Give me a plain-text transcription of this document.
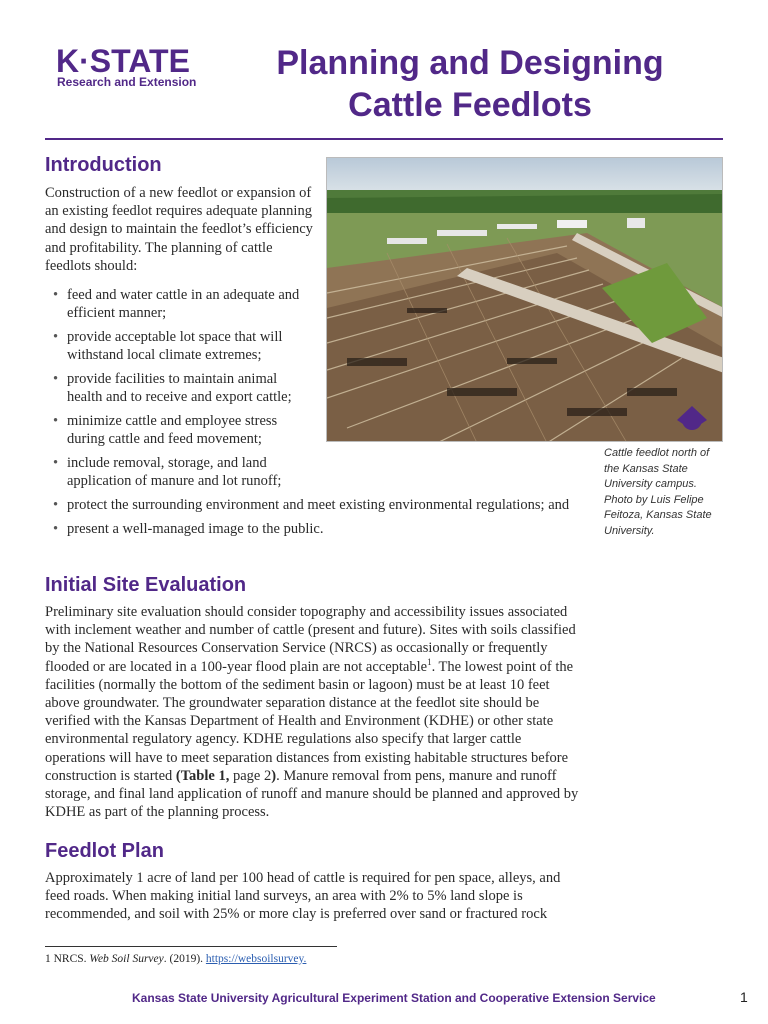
K·STATE
Research and Extension	Planning and Designing
Cattle Feedlots
Introduction

Construction of a new feedlot or expansion of an existing feedlot requires adequate planning and design to maintain the feedlot’s efficiency and profitability. The planning of cattle feedlots should:

• feed and water cattle in an adequate and efficient manner;
• provide acceptable lot space that will withstand local climate extremes;
• provide facilities to maintain animal health and to receive and export cattle;
• minimize cattle and employee stress during cattle and feed movement;
• include removal, storage, and land application of manure and lot runoff;
• protect the surrounding environment and meet existing environmental regulations; and
• present a well-managed image to the public.

Cattle feedlot north of the Kansas State University campus. Photo by Luis Felipe Feitoza, Kansas State University.

Initial Site Evaluation

Preliminary site evaluation should consider topography and accessibility issues associated with inclement weather and number of cattle (present and future). Sites with soils classified by the National Resources Conservation Service (NRCS) as occasionally or frequently flooded or are located in a 100-year flood plain are not acceptable$^1$. The lowest point of the facilities (normally the bottom of the sediment basin or lagoon) must be at least 10 feet above groundwater. The groundwater separation distance at the feedlot site should be verified with the Kansas Department of Health and Environment (KDHE) or other state environmental regulatory agency. KDHE regulations also specify that larger cattle operations will have to meet separation distances from existing habitable structures before construction is started (Table 1, page 2). Manure removal from pens, manure and runoff storage, and final land application of runoff and manure should be planned and approved by KDHE as part of the planning process.

Feedlot Plan

Approximately 1 acre of land per 100 head of cattle is required for pen space, alleys, and feed roads. When making initial land surveys, an area with 2% to 5% land slope is recommended, and soil with 25% or more clay is preferred over sand or fractured rock

1 NRCS. Web Soil Survey. (2019). https://websoilsurvey.

Kansas State University Agricultural Experiment Station and Cooperative Extension Service	1
